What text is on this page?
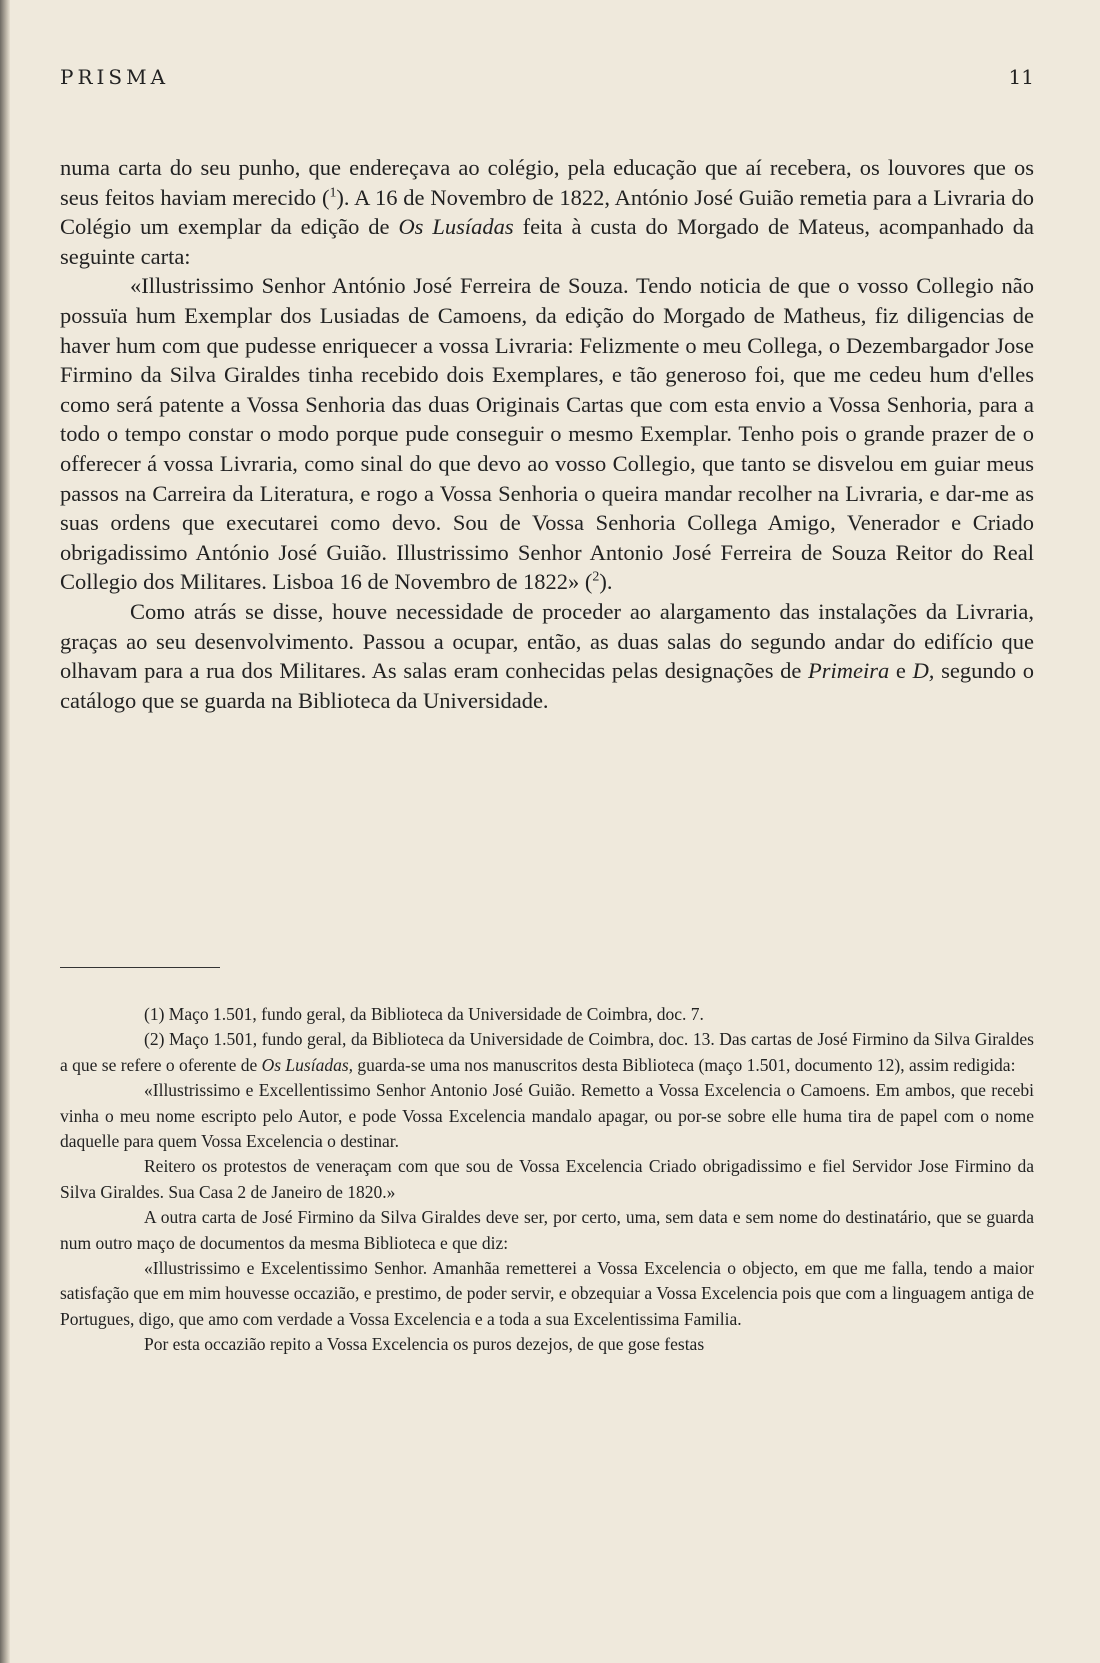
PRISMA	11

numa carta do seu punho, que endereçava ao colégio, pela educação que aí recebera, os louvores que os seus feitos haviam merecido ($^1$). A 16 de Novembro de 1822, António José Guião remetia para a Livraria do Colégio um exemplar da edição de Os Lusíadas feita à custa do Morgado de Mateus, acompanhado da seguinte carta:

«Illustrissimo Senhor António José Ferreira de Souza. Tendo noticia de que o vosso Collegio não possuïa hum Exemplar dos Lusiadas de Camoens, da edição do Morgado de Matheus, fiz diligencias de haver hum com que pudesse enriquecer a vossa Livraria: Felizmente o meu Collega, o Dezembargador Jose Firmino da Silva Giraldes tinha recebido dois Exemplares, e tão generoso foi, que me cedeu hum d'elles como será patente a Vossa Senhoria das duas Originais Cartas que com esta envio a Vossa Senhoria, para a todo o tempo constar o modo porque pude conseguir o mesmo Exemplar. Tenho pois o grande prazer de o offerecer á vossa Livraria, como sinal do que devo ao vosso Collegio, que tanto se disvelou em guiar meus passos na Carreira da Literatura, e rogo a Vossa Senhoria o queira mandar recolher na Livraria, e dar-me as suas ordens que executarei como devo. Sou de Vossa Senhoria Collega Amigo, Venerador e Criado obrigadissimo António José Guião. Illustrissimo Senhor Antonio José Ferreira de Souza Reitor do Real Collegio dos Militares. Lisboa 16 de Novembro de 1822» ($^2$).

Como atrás se disse, houve necessidade de proceder ao alargamento das instalações da Livraria, graças ao seu desenvolvimento. Passou a ocupar, então, as duas salas do segundo andar do edifício que olhavam para a rua dos Militares. As salas eram conhecidas pelas designações de Primeira e D, segundo o catálogo que se guarda na Biblioteca da Universidade.

(1) Maço 1.501, fundo geral, da Biblioteca da Universidade de Coimbra, doc. 7.

(2) Maço 1.501, fundo geral, da Biblioteca da Universidade de Coimbra, doc. 13. Das cartas de José Firmino da Silva Giraldes a que se refere o oferente de Os Lusíadas, guarda-se uma nos manuscritos desta Biblioteca (maço 1.501, documento 12), assim redigida:

«Illustrissimo e Excellentissimo Senhor Antonio José Guião. Remetto a Vossa Excelencia o Camoens. Em ambos, que recebi vinha o meu nome escripto pelo Autor, e pode Vossa Excelencia mandalo apagar, ou por-se sobre elle huma tira de papel com o nome daquelle para quem Vossa Excelencia o destinar.

Reitero os protestos de veneraçam com que sou de Vossa Excelencia Criado obrigadissimo e fiel Servidor Jose Firmino da Silva Giraldes. Sua Casa 2 de Janeiro de 1820.»

A outra carta de José Firmino da Silva Giraldes deve ser, por certo, uma, sem data e sem nome do destinatário, que se guarda num outro maço de documentos da mesma Biblioteca e que diz:

«Illustrissimo e Excelentissimo Senhor. Amanhãa remetterei a Vossa Excelencia o objecto, em que me falla, tendo a maior satisfação que em mim houvesse occazião, e prestimo, de poder servir, e obzequiar a Vossa Excelencia pois que com a linguagem antiga de Portugues, digo, que amo com verdade a Vossa Excelencia e a toda a sua Excelentissima Familia.

Por esta occazião repito a Vossa Excelencia os puros dezejos, de que gose festas
